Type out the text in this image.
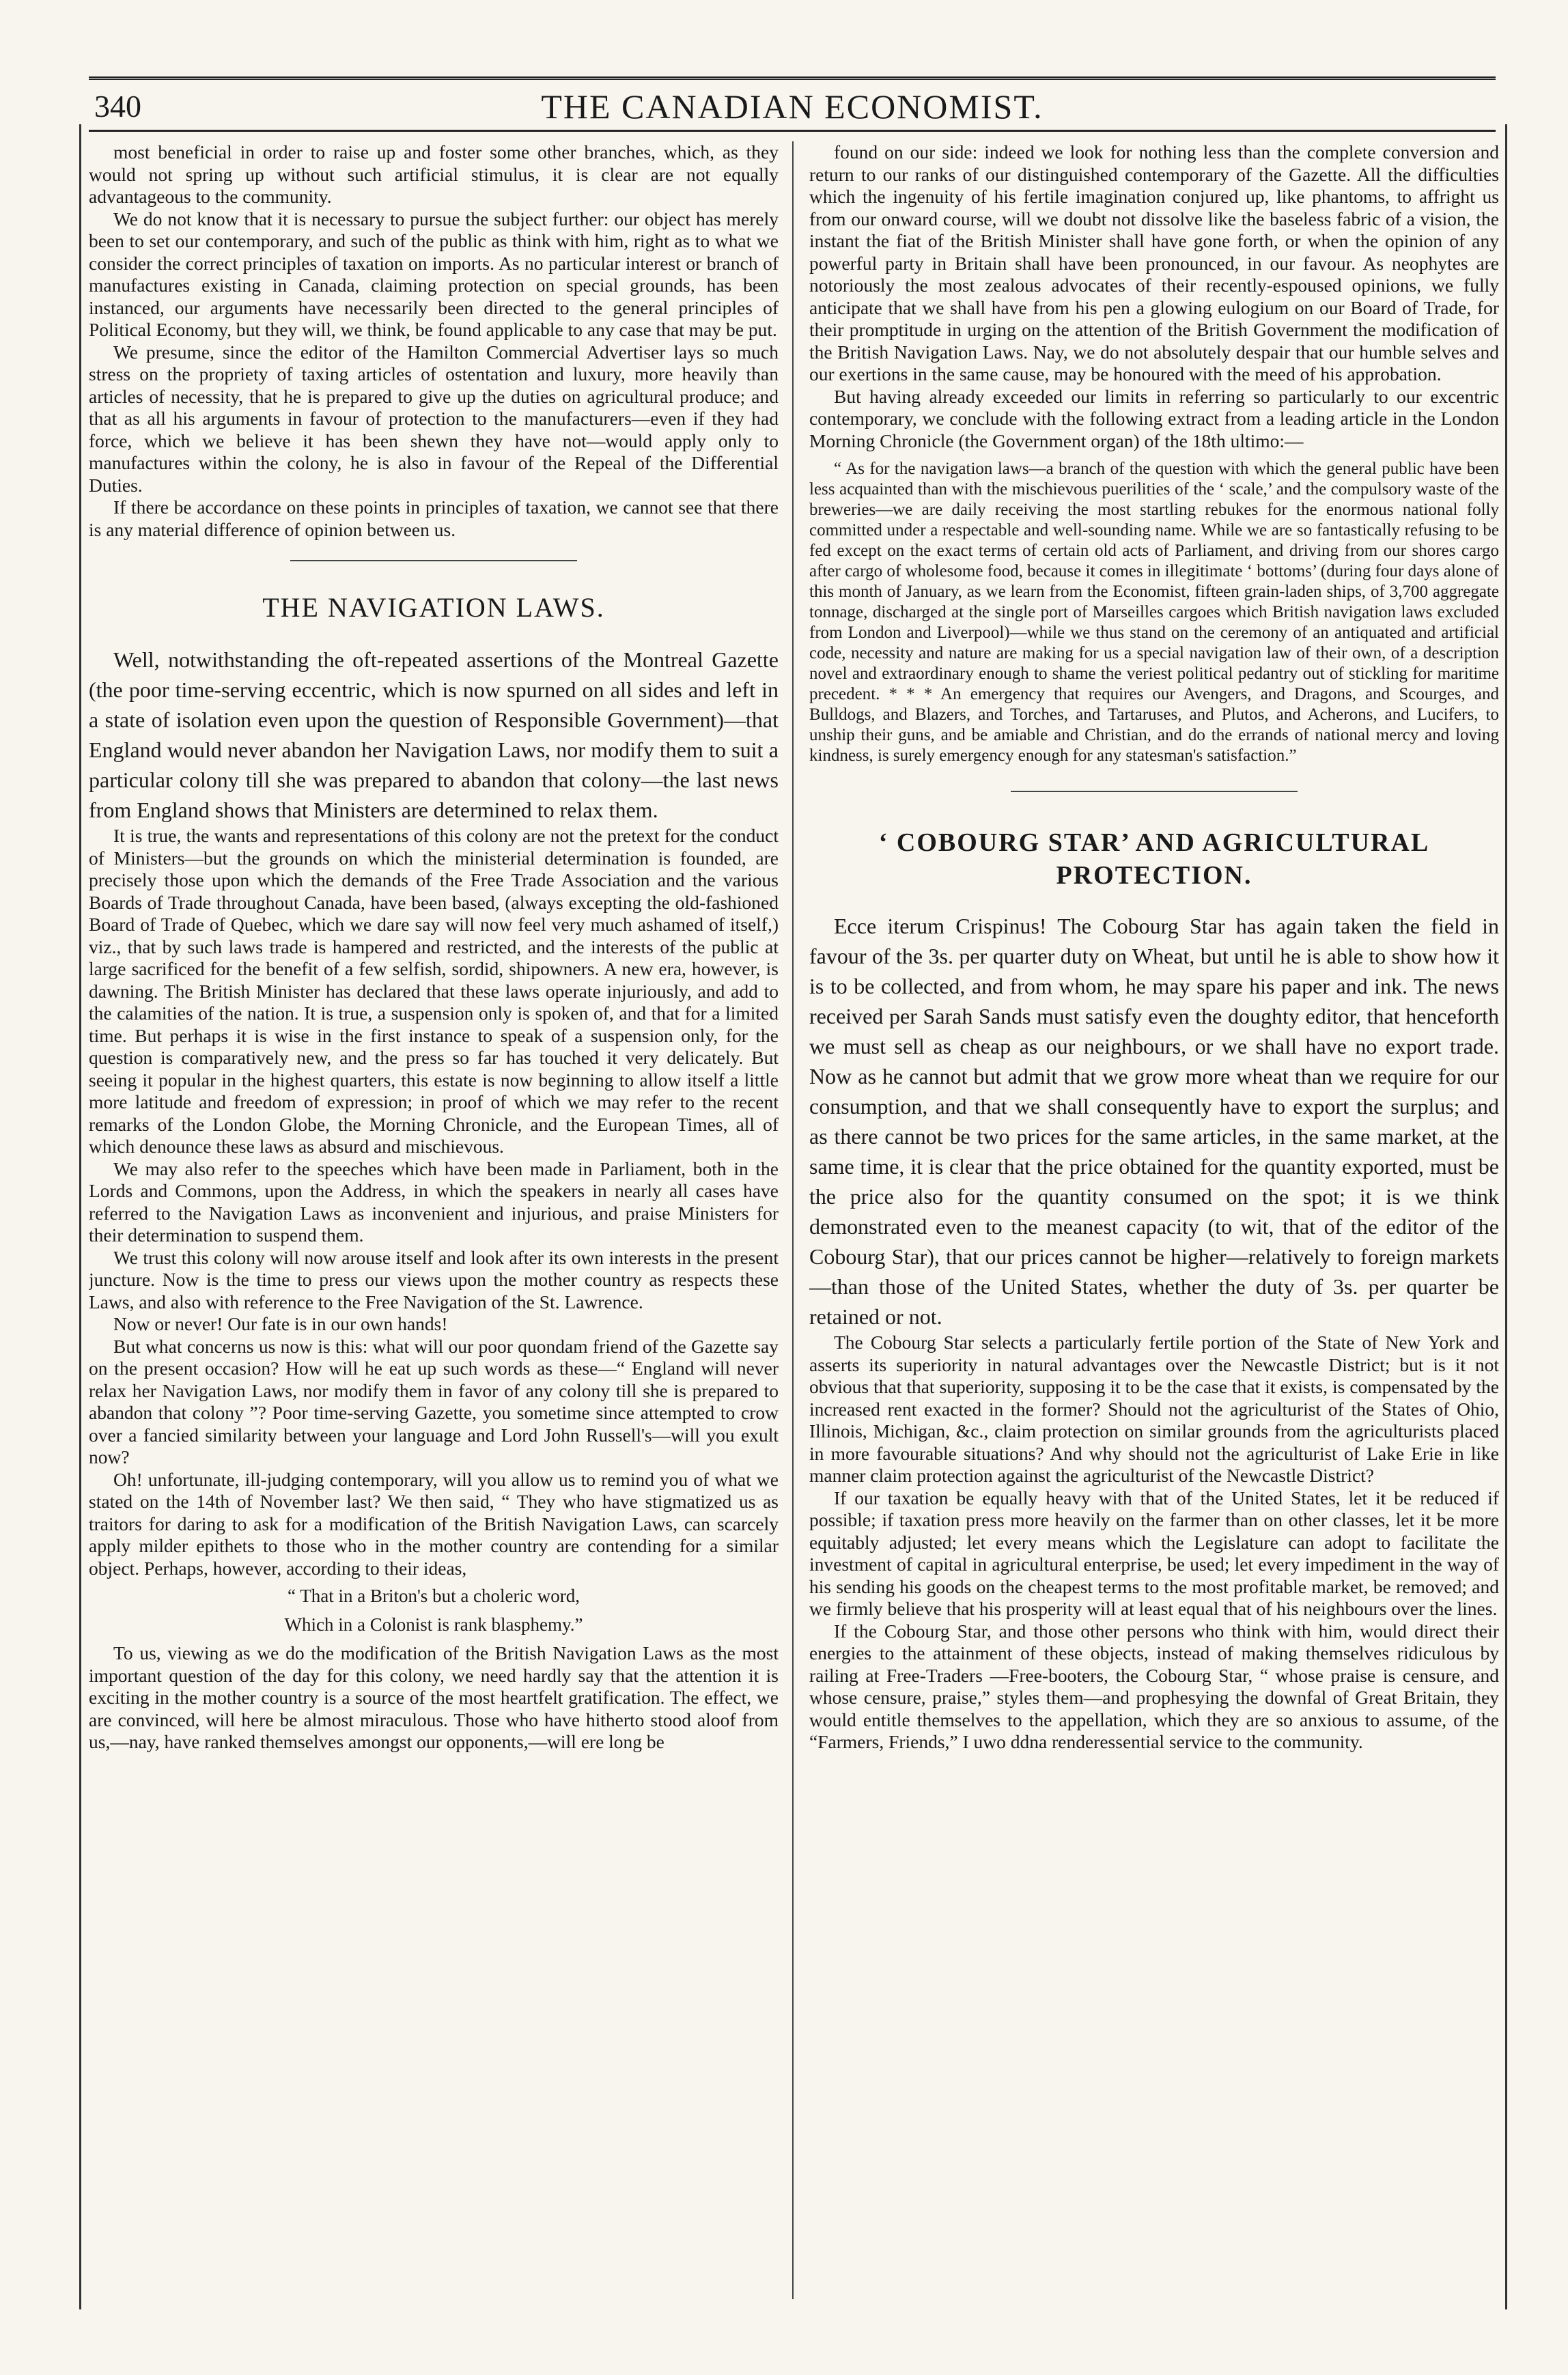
340	THE CANADIAN ECONOMIST.

most beneficial in order to raise up and foster some other branches, which, as they would not spring up without such artificial stimulus, it is clear are not equally advantageous to the community.

We do not know that it is necessary to pursue the subject further: our object has merely been to set our contemporary, and such of the public as think with him, right as to what we consider the correct principles of taxation on imports. As no particular interest or branch of manufactures existing in Canada, claiming protection on special grounds, has been instanced, our arguments have necessarily been directed to the general principles of Political Economy, but they will, we think, be found applicable to any case that may be put.

We presume, since the editor of the Hamilton Commercial Advertiser lays so much stress on the propriety of taxing articles of ostentation and luxury, more heavily than articles of necessity, that he is prepared to give up the duties on agricultural produce; and that as all his arguments in favour of protection to the manufacturers—even if they had force, which we believe it has been shewn they have not—would apply only to manufactures within the colony, he is also in favour of the Repeal of the Differential Duties.

If there be accordance on these points in principles of taxation, we cannot see that there is any material difference of opinion between us.

THE NAVIGATION LAWS.

Well, notwithstanding the oft-repeated assertions of the Montreal Gazette (the poor time-serving eccentric, which is now spurned on all sides and left in a state of isolation even upon the question of Responsible Government)—that England would never abandon her Navigation Laws, nor modify them to suit a particular colony till she was prepared to abandon that colony—the last news from England shows that Ministers are determined to relax them.

It is true, the wants and representations of this colony are not the pretext for the conduct of Ministers—but the grounds on which the ministerial determination is founded, are precisely those upon which the demands of the Free Trade Association and the various Boards of Trade throughout Canada, have been based, (always excepting the old-fashioned Board of Trade of Quebec, which we dare say will now feel very much ashamed of itself,) viz., that by such laws trade is hampered and restricted, and the interests of the public at large sacrificed for the benefit of a few selfish, sordid, shipowners. A new era, however, is dawning. The British Minister has declared that these laws operate injuriously, and add to the calamities of the nation. It is true, a suspension only is spoken of, and that for a limited time. But perhaps it is wise in the first instance to speak of a suspension only, for the question is comparatively new, and the press so far has touched it very delicately. But seeing it popular in the highest quarters, this estate is now beginning to allow itself a little more latitude and freedom of expression; in proof of which we may refer to the recent remarks of the London Globe, the Morning Chronicle, and the European Times, all of which denounce these laws as absurd and mischievous.

We may also refer to the speeches which have been made in Parliament, both in the Lords and Commons, upon the Address, in which the speakers in nearly all cases have referred to the Navigation Laws as inconvenient and injurious, and praise Ministers for their determination to suspend them.

We trust this colony will now arouse itself and look after its own interests in the present juncture. Now is the time to press our views upon the mother country as respects these Laws, and also with reference to the Free Navigation of the St. Lawrence.

Now or never! Our fate is in our own hands!

But what concerns us now is this: what will our poor quondam friend of the Gazette say on the present occasion? How will he eat up such words as these—“ England will never relax her Navigation Laws, nor modify them in favor of any colony till she is prepared to abandon that colony ”? Poor time-serving Gazette, you sometime since attempted to crow over a fancied similarity between your language and Lord John Russell's—will you exult now?

Oh! unfortunate, ill-judging contemporary, will you allow us to remind you of what we stated on the 14th of November last? We then said, “ They who have stigmatized us as traitors for daring to ask for a modification of the British Navigation Laws, can scarcely apply milder epithets to those who in the mother country are contending for a similar object. Perhaps, however, according to their ideas,

“ That in a Briton's but a choleric word,
Which in a Colonist is rank blasphemy.”

To us, viewing as we do the modification of the British Navigation Laws as the most important question of the day for this colony, we need hardly say that the attention it is exciting in the mother country is a source of the most heartfelt gratification. The effect, we are convinced, will here be almost miraculous. Those who have hitherto stood aloof from us,—nay, have ranked themselves amongst our opponents,—will ere long be

found on our side: indeed we look for nothing less than the complete conversion and return to our ranks of our distinguished contemporary of the Gazette. All the difficulties which the ingenuity of his fertile imagination conjured up, like phantoms, to affright us from our onward course, will we doubt not dissolve like the baseless fabric of a vision, the instant the fiat of the British Minister shall have gone forth, or when the opinion of any powerful party in Britain shall have been pronounced, in our favour. As neophytes are notoriously the most zealous advocates of their recently-espoused opinions, we fully anticipate that we shall have from his pen a glowing eulogium on our Board of Trade, for their promptitude in urging on the attention of the British Government the modification of the British Navigation Laws. Nay, we do not absolutely despair that our humble selves and our exertions in the same cause, may be honoured with the meed of his approbation.

But having already exceeded our limits in referring so particularly to our excentric contemporary, we conclude with the following extract from a leading article in the London Morning Chronicle (the Government organ) of the 18th ultimo:—

“ As for the navigation laws—a branch of the question with which the general public have been less acquainted than with the mischievous puerilities of the ‘ scale,’ and the compulsory waste of the breweries—we are daily receiving the most startling rebukes for the enormous national folly committed under a respectable and well-sounding name. While we are so fantastically refusing to be fed except on the exact terms of certain old acts of Parliament, and driving from our shores cargo after cargo of wholesome food, because it comes in illegitimate ‘ bottoms’ (during four days alone of this month of January, as we learn from the Economist, fifteen grain-laden ships, of 3,700 aggregate tonnage, discharged at the single port of Marseilles cargoes which British navigation laws excluded from London and Liverpool)—while we thus stand on the ceremony of an antiquated and artificial code, necessity and nature are making for us a special navigation law of their own, of a description novel and extraordinary enough to shame the veriest political pedantry out of stickling for maritime precedent. * * * An emergency that requires our Avengers, and Dragons, and Scourges, and Bulldogs, and Blazers, and Torches, and Tartaruses, and Plutos, and Acherons, and Lucifers, to unship their guns, and be amiable and Christian, and do the errands of national mercy and loving kindness, is surely emergency enough for any statesman's satisfaction.”

‘ COBOURG STAR’ AND AGRICULTURAL PROTECTION.

Ecce iterum Crispinus! The Cobourg Star has again taken the field in favour of the 3s. per quarter duty on Wheat, but until he is able to show how it is to be collected, and from whom, he may spare his paper and ink. The news received per Sarah Sands must satisfy even the doughty editor, that henceforth we must sell as cheap as our neighbours, or we shall have no export trade. Now as he cannot but admit that we grow more wheat than we require for our consumption, and that we shall consequently have to export the surplus; and as there cannot be two prices for the same articles, in the same market, at the same time, it is clear that the price obtained for the quantity exported, must be the price also for the quantity consumed on the spot; it is we think demonstrated even to the meanest capacity (to wit, that of the editor of the Cobourg Star), that our prices cannot be higher—relatively to foreign markets—than those of the United States, whether the duty of 3s. per quarter be retained or not.

The Cobourg Star selects a particularly fertile portion of the State of New York and asserts its superiority in natural advantages over the Newcastle District; but is it not obvious that that superiority, supposing it to be the case that it exists, is compensated by the increased rent exacted in the former? Should not the agriculturist of the States of Ohio, Illinois, Michigan, &c., claim protection on similar grounds from the agriculturists placed in more favourable situations? And why should not the agriculturist of Lake Erie in like manner claim protection against the agriculturist of the Newcastle District?

If our taxation be equally heavy with that of the United States, let it be reduced if possible; if taxation press more heavily on the farmer than on other classes, let it be more equitably adjusted; let every means which the Legislature can adopt to facilitate the investment of capital in agricultural enterprise, be used; let every impediment in the way of his sending his goods on the cheapest terms to the most profitable market, be removed; and we firmly believe that his prosperity will at least equal that of his neighbours over the lines.

If the Cobourg Star, and those other persons who think with him, would direct their energies to the attainment of these objects, instead of making themselves ridiculous by railing at Free-Traders —Free-booters, the Cobourg Star, “ whose praise is censure, and whose censure, praise,” styles them—and prophesying the downfal of Great Britain, they would entitle themselves to the appellation, which they are so anxious to assume, of the “Farmers, Friends,” I uwo ddna renderessential service to the community.
